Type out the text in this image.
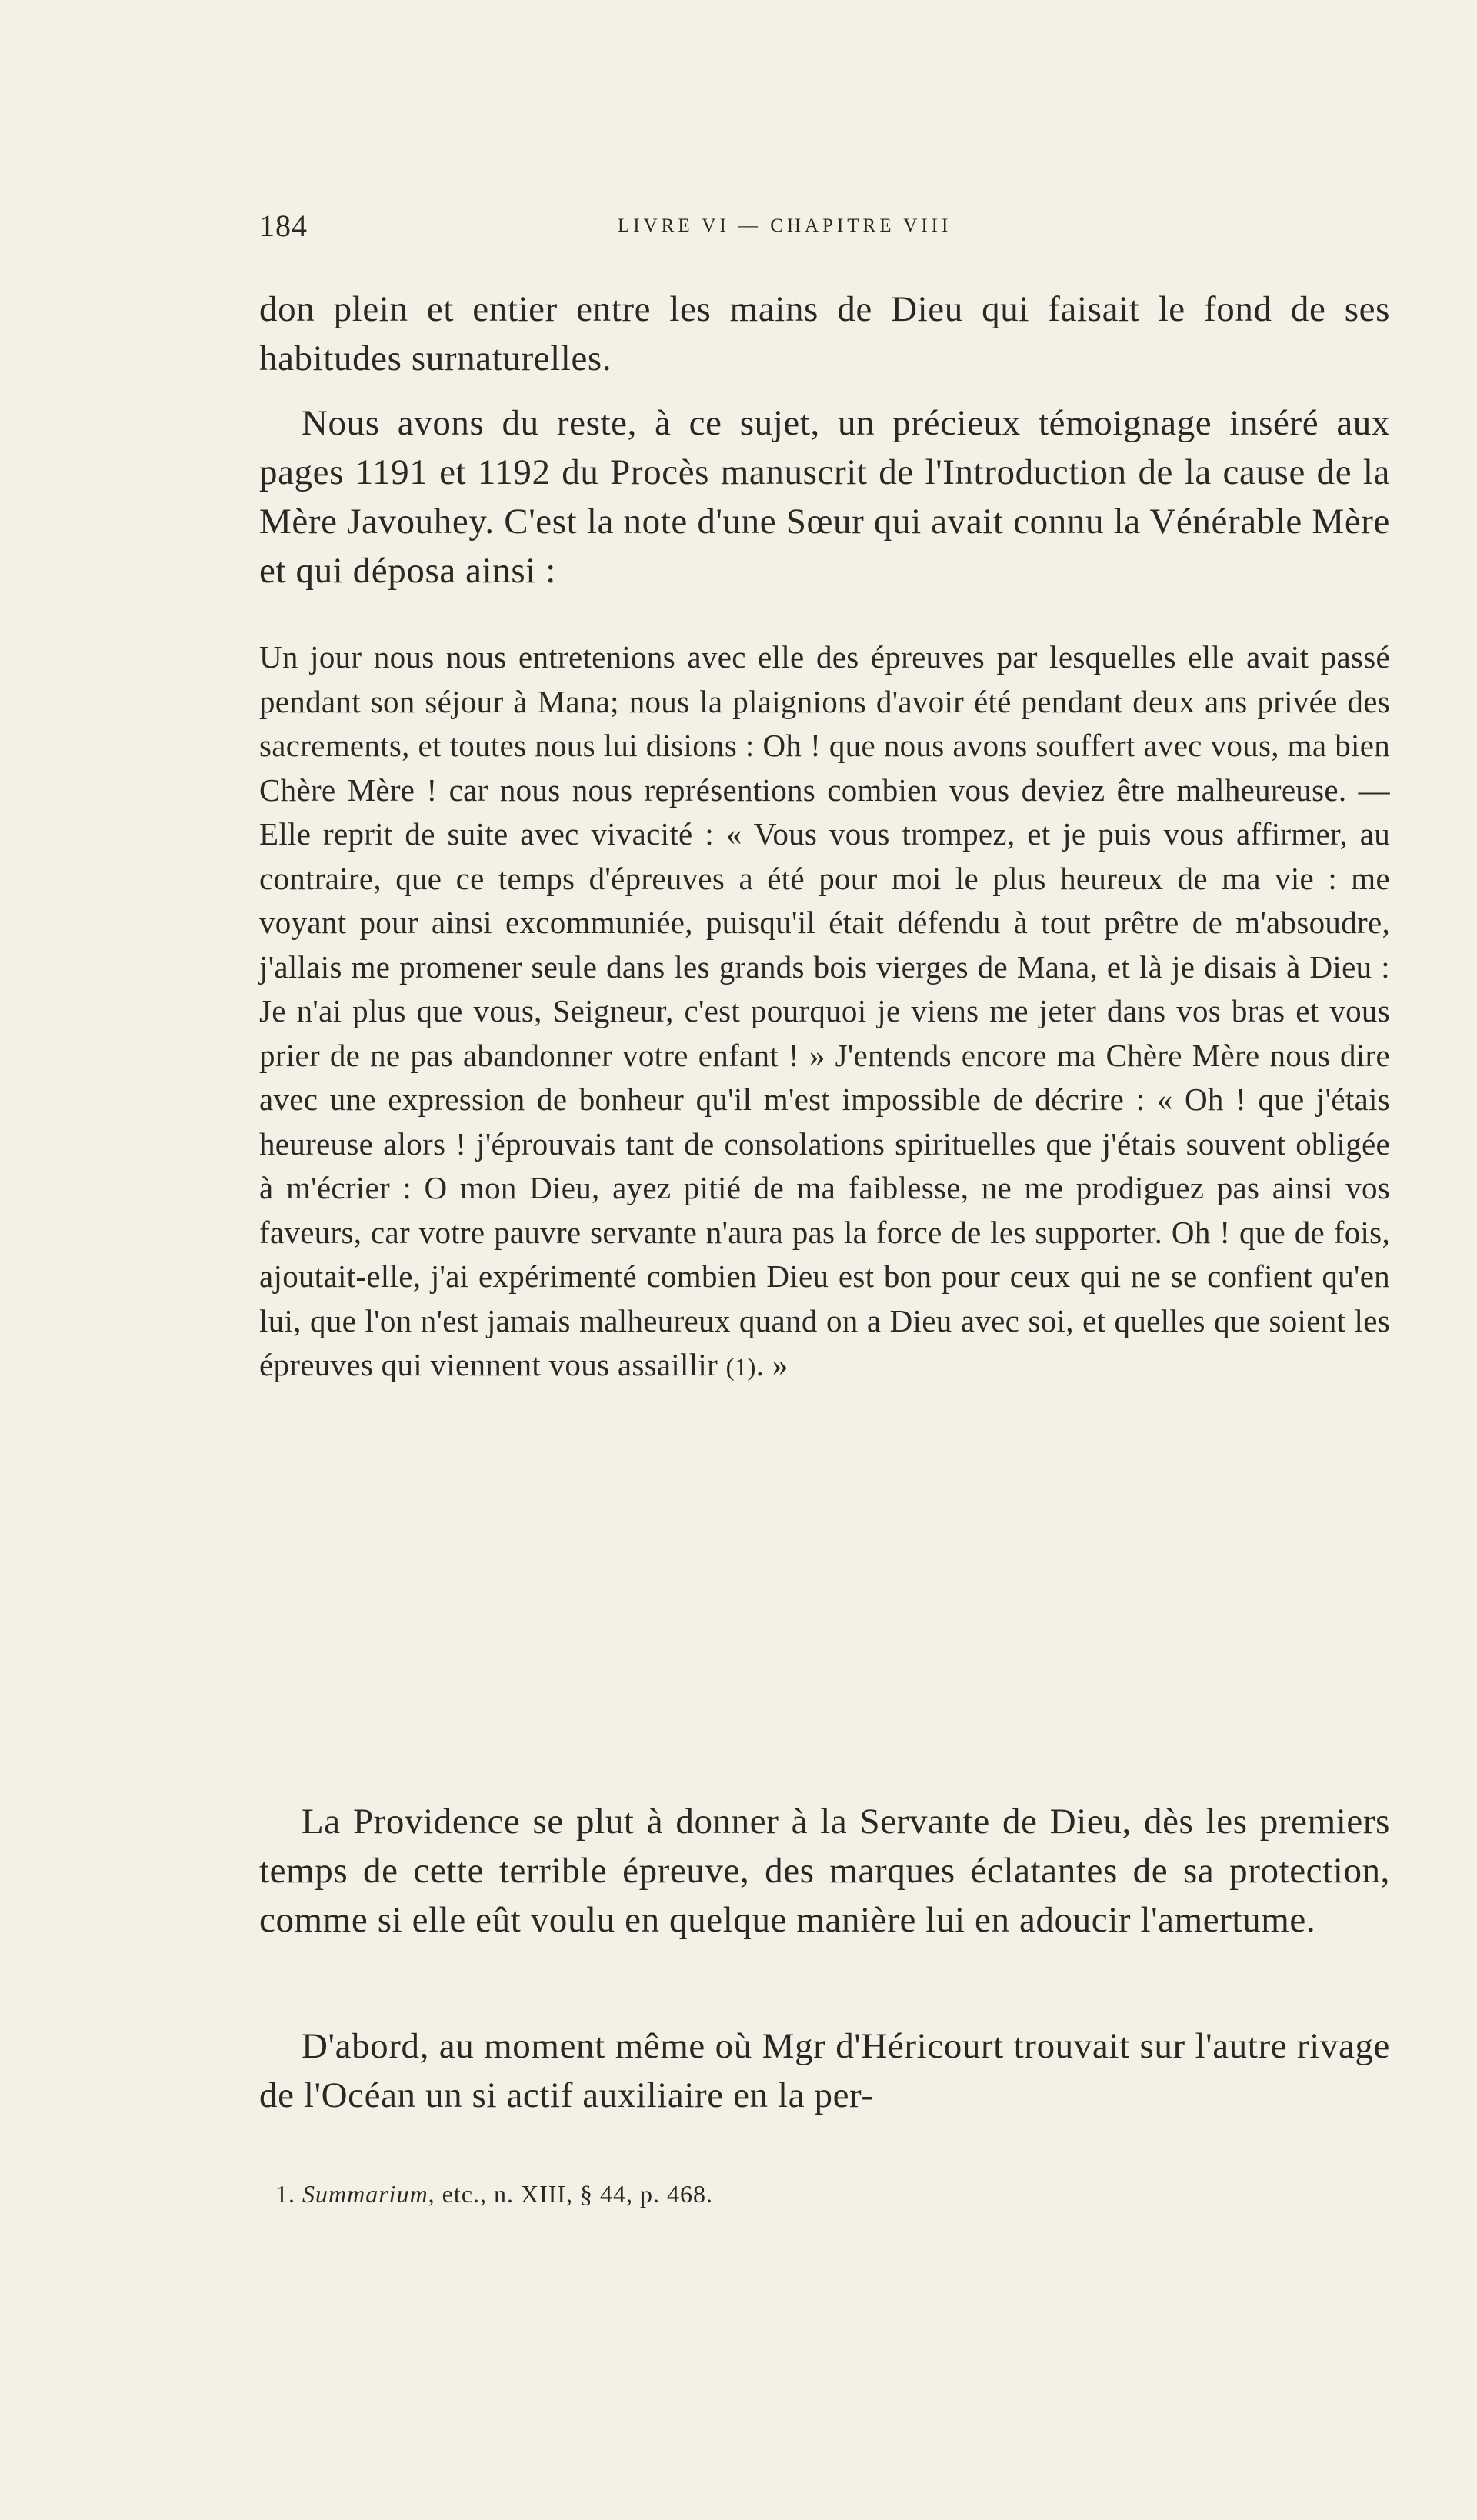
184	LIVRE VI — CHAPITRE VIII

don plein et entier entre les mains de Dieu qui faisait le fond de ses habitudes surnaturelles.

Nous avons du reste, à ce sujet, un précieux témoignage inséré aux pages 1191 et 1192 du Procès manuscrit de l'Introduction de la cause de la Mère Javouhey. C'est la note d'une Sœur qui avait connu la Vénérable Mère et qui déposa ainsi :

Un jour nous nous entretenions avec elle des épreuves par lesquelles elle avait passé pendant son séjour à Mana; nous la plaignions d'avoir été pendant deux ans privée des sacrements, et toutes nous lui disions : Oh ! que nous avons souffert avec vous, ma bien Chère Mère ! car nous nous représentions combien vous deviez être malheureuse. — Elle reprit de suite avec vivacité : « Vous vous trompez, et je puis vous affirmer, au contraire, que ce temps d'épreuves a été pour moi le plus heureux de ma vie : me voyant pour ainsi excommuniée, puisqu'il était défendu à tout prêtre de m'absoudre, j'allais me promener seule dans les grands bois vierges de Mana, et là je disais à Dieu : Je n'ai plus que vous, Seigneur, c'est pourquoi je viens me jeter dans vos bras et vous prier de ne pas abandonner votre enfant ! » J'entends encore ma Chère Mère nous dire avec une expression de bonheur qu'il m'est impossible de décrire : « Oh ! que j'étais heureuse alors ! j'éprouvais tant de consolations spirituelles que j'étais souvent obligée à m'écrier : O mon Dieu, ayez pitié de ma faiblesse, ne me prodiguez pas ainsi vos faveurs, car votre pauvre servante n'aura pas la force de les supporter. Oh ! que de fois, ajoutait-elle, j'ai expérimenté combien Dieu est bon pour ceux qui ne se confient qu'en lui, que l'on n'est jamais malheureux quand on a Dieu avec soi, et quelles que soient les épreuves qui viennent vous assaillir (1). »

La Providence se plut à donner à la Servante de Dieu, dès les premiers temps de cette terrible épreuve, des marques éclatantes de sa protection, comme si elle eût voulu en quelque manière lui en adoucir l'amertume.

D'abord, au moment même où Mgr d'Héricourt trouvait sur l'autre rivage de l'Océan un si actif auxiliaire en la per-

1. Summarium, etc., n. XIII, § 44, p. 468.
